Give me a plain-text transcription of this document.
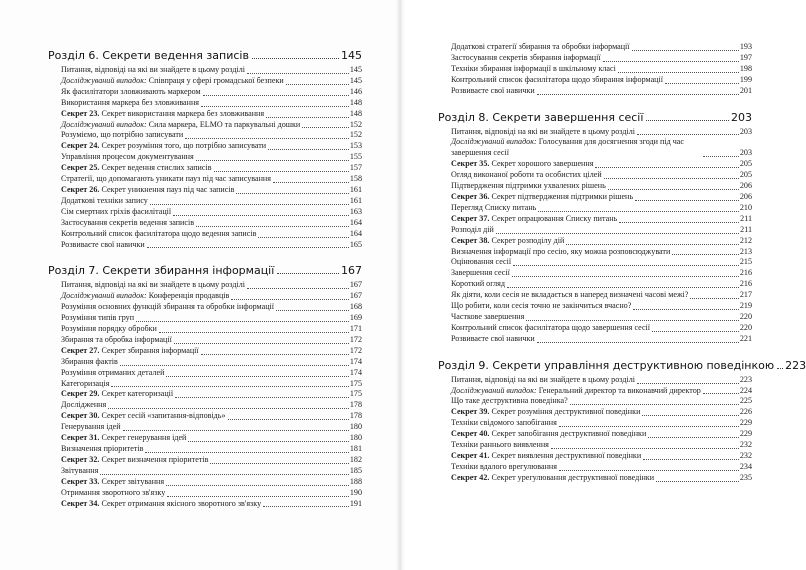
Розділ 6. Секрети ведення записів	145
Питання, відповіді на які ви знайдете в цьому розділі	145
Досліджуваний випадок: Співпраця у сфері громадської безпеки	145
Як фасилітатори зловживають маркером	146
Використання маркера без зловживання	148
Секрет 23. Секрет використання маркера без зловживання	148
Досліджуваний випадок: Сила маркера, ELMO та паркувальні дошки	152
Розуміємо, що потрібно записувати	152
Секрет 24. Секрет розуміння того, що потрібно записувати	153
Управління процесом документування	155
Секрет 25. Секрет ведення стислих записів	157
Стратегії, що допомагають уникати пауз під час записування	158
Секрет 26. Секрет уникнення пауз під час записів	161
Додаткові техніки запису	161
Сім смертних гріхів фасилітації	163
Застосування секретів ведення записів	164
Контрольний список фасилітатора щодо ведення записів	164
Розвиваєте свої навички	165
Розділ 7. Секрети збирання інформації	167
Питання, відповіді на які ви знайдете в цьому розділі	167
Досліджуваний випадок: Конференція продавців	167
Розуміння основних функцій збирання та обробки інформації	168
Розуміння типів груп	169
Розуміння порядку обробки	171
Збирання та обробка інформації	172
Секрет 27. Секрет збирання інформації	172
Збирання фактів	174
Розуміння отриманих деталей	174
Категоризація	175
Секрет 29. Секрет категоризації	175
Дослідження	178
Секрет 30. Секрет сесій «запитання-відповідь»	178
Генерування ідей	180
Секрет 31. Секрет генерування ідей	180
Визначення пріоритетів	181
Секрет 32. Секрет визначення пріоритетів	182
Звітування	185
Секрет 33. Секрет звітування	188
Отримання зворотного зв'язку	190
Секрет 34. Секрет отримання якісного зворотного зв'язку	191
Додаткові стратегії збирання та обробки інформації	193
Застосування секретів збирання інформації	197
Техніки збирання інформації в шкільному класі	198
Контрольний список фасилітатора щодо збирання інформації	199
Розвиваєте свої навички	201
Розділ 8. Секрети завершення сесії	203
Питання, відповіді на які ви знайдете в цьому розділі	203
Досліджуваний випадок: Голосування для досягнення згоди під час завершення сесії	203
Секрет 35. Секрет хорошого завершення	205
Огляд виконаної роботи та особистих цілей	205
Підтвердження підтримки ухвалених рішень	206
Секрет 36. Секрет підтвердження підтримки рішень	206
Перегляд Списку питань	210
Секрет 37. Секрет опрацювання Списку питань	211
Розподіл дій	211
Секрет 38. Секрет розподілу дій	212
Визначення інформації про сесію, яку можна розповсюджувати	213
Оцінювання сесії	215
Завершення сесії	216
Короткий огляд	216
Як діяти, коли сесія не вкладається в наперед визначені часові межі?	217
Що робити, коли сесія точно не закінчиться вчасно?	219
Часткове завершення	220
Контрольний список фасилітатора щодо завершення сесії	220
Розвиваєте свої навички	221
Розділ 9. Секрети управління деструктивною поведінкою 223
Питання, відповіді на які ви знайдете в цьому розділі	223
Досліджуваний випадок: Генеральний директор та виконавчий директор	224
Що таке деструктивна поведінка?	225
Секрет 39. Секрет розуміння деструктивної поведінки	226
Техніки свідомого запобігання	229
Секрет 40. Секрет запобігання деструктивної поведінки	229
Техніки раннього виявлення	232
Секрет 41. Секрет виявлення деструктивної поведінки	232
Техніки вдалого врегулювання	234
Секрет 42. Секрет урегулювання деструктивної поведінки	235
